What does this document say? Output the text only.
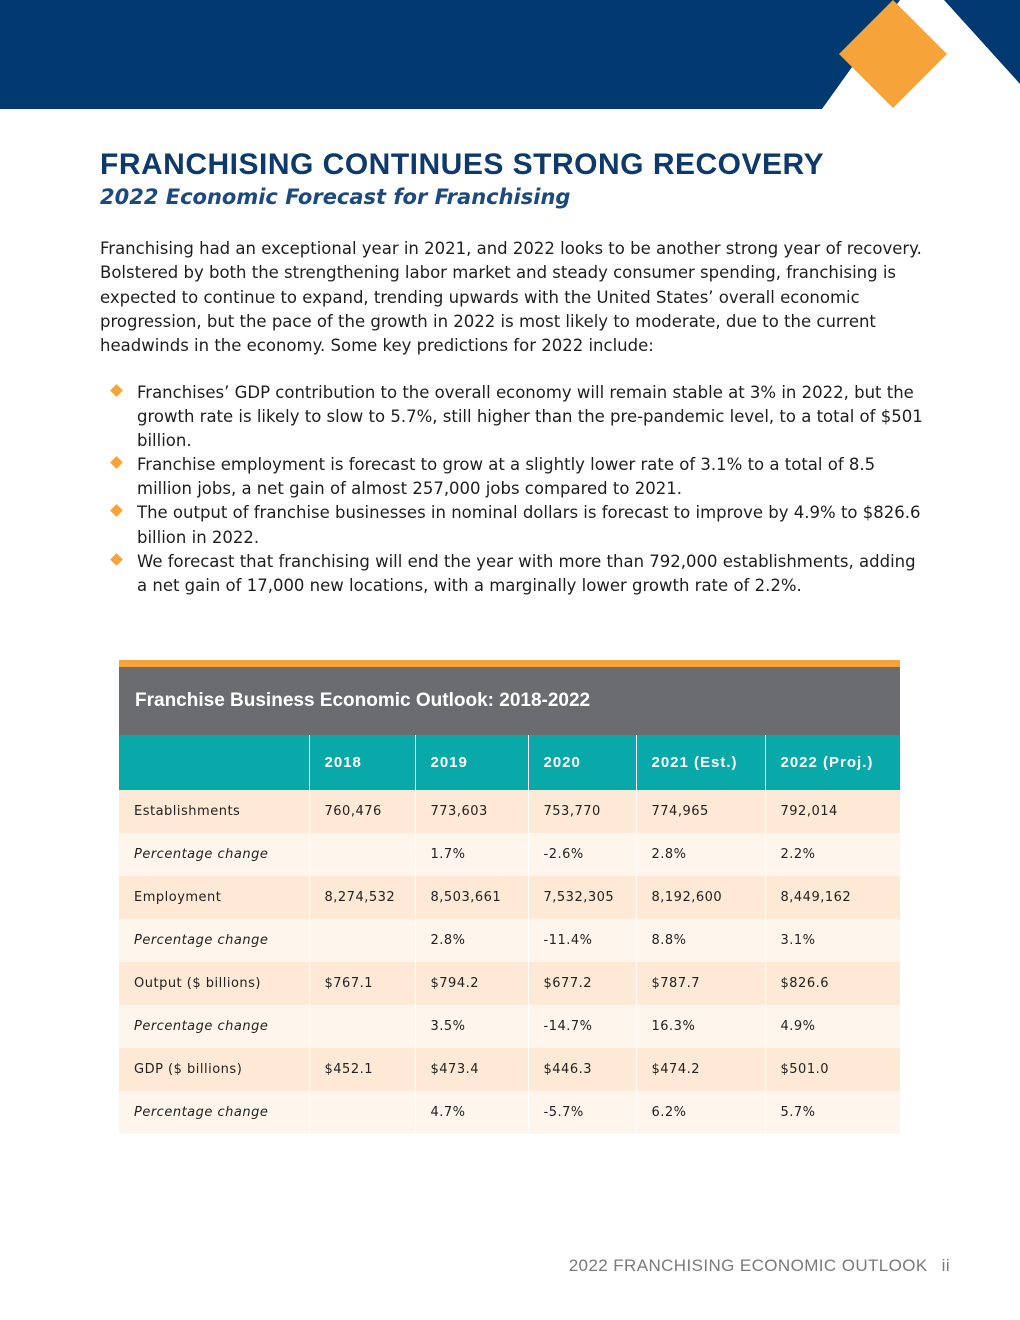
FRANCHISING CONTINUES STRONG RECOVERY
2022 Economic Forecast for Franchising

Franchising had an exceptional year in 2021, and 2022 looks to be another strong year of recovery. Bolstered by both the strengthening labor market and steady consumer spending, franchising is expected to continue to expand, trending upwards with the United States’ overall economic progression, but the pace of the growth in 2022 is most likely to moderate, due to the current headwinds in the economy. Some key predictions for 2022 include:

Franchises’ GDP contribution to the overall economy will remain stable at 3% in 2022, but the growth rate is likely to slow to 5.7%, still higher than the pre-pandemic level, to a total of $501 billion.
Franchise employment is forecast to grow at a slightly lower rate of 3.1% to a total of 8.5 million jobs, a net gain of almost 257,000 jobs compared to 2021.
The output of franchise businesses in nominal dollars is forecast to improve by 4.9% to $826.6 billion in 2022.
We forecast that franchising will end the year with more than 792,000 establishments, adding a net gain of 17,000 new locations, with a marginally lower growth rate of 2.2%.
Franchise Business Economic Outlook: 2018-2022
	2018	2019	2020	2021 (Est.)	2022 (Proj.)
Establishments	760,476	773,603	753,770	774,965	792,014
Percentage change		1.7%	-2.6%	2.8%	2.2%
Employment	8,274,532	8,503,661	7,532,305	8,192,600	8,449,162
Percentage change		2.8%	-11.4%	8.8%	3.1%
Output ($ billions)	$767.1	$794.2	$677.2	$787.7	$826.6
Percentage change		3.5%	-14.7%	16.3%	4.9%
GDP ($ billions)	$452.1	$473.4	$446.3	$474.2	$501.0
Percentage change		4.7%	-5.7%	6.2%	5.7%
2022 FRANCHISING ECONOMIC OUTLOOK ii
